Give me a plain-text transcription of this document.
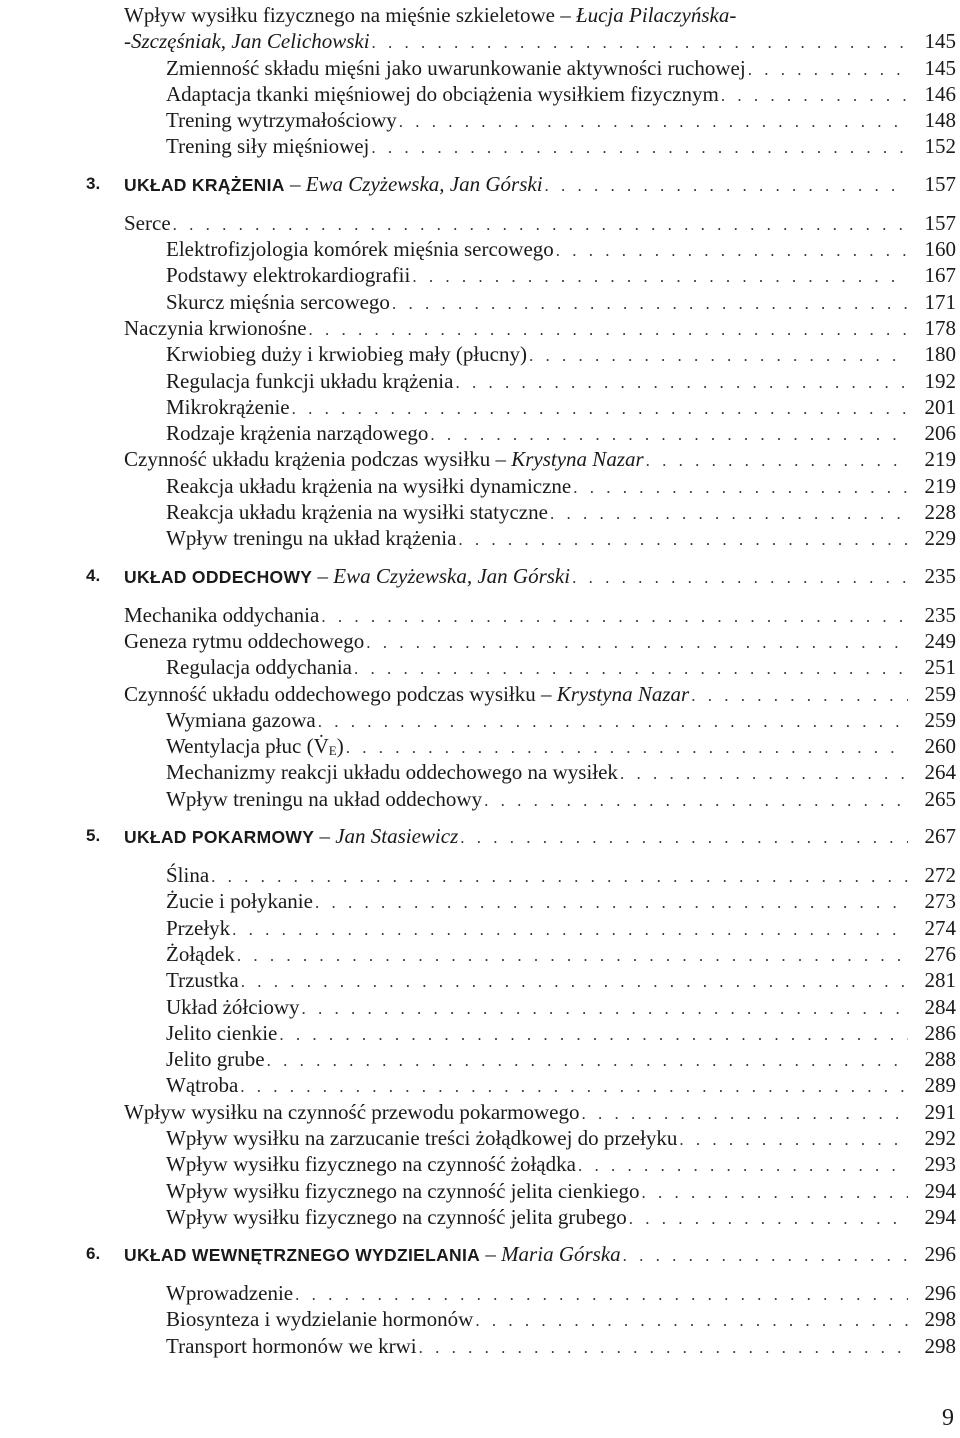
Wpływ wysiłku fizycznego na mięśnie szkieletowe – Łucja Pilaczyńska-
-Szczęśniak, Jan Celichowski . . .	145
Zmienność składu mięśni jako uwarunkowanie aktywności ruchowej . . .	145
Adaptacja tkanki mięśniowej do obciążenia wysiłkiem fizycznym . . .	146
Trening wytrzymałościowy . . .	148
Trening siły mięśniowej . . .	152
3. UKŁAD KRĄŻENIA – Ewa Czyżewska, Jan Górski . . .	157
Serce . . .	157
Elektrofizjologia komórek mięśnia sercowego . . .	160
Podstawy elektrokardiografii . . .	167
Skurcz mięśnia sercowego . . .	171
Naczynia krwionośne . . .	178
Krwiobieg duży i krwiobieg mały (płucny) . . .	180
Regulacja funkcji układu krążenia . . .	192
Mikrokrążenie . . .	201
Rodzaje krążenia narządowego . . .	206
Czynność układu krążenia podczas wysiłku – Krystyna Nazar . . .	219
Reakcja układu krążenia na wysiłki dynamiczne . . .	219
Reakcja układu krążenia na wysiłki statyczne . . .	228
Wpływ treningu na układ krążenia . . .	229
4. UKŁAD ODDECHOWY – Ewa Czyżewska, Jan Górski . . .	235
Mechanika oddychania . . .	235
Geneza rytmu oddechowego . . .	249
Regulacja oddychania . . .	251
Czynność układu oddechowego podczas wysiłku – Krystyna Nazar . . .	259
Wymiana gazowa . . .	259
Wentylacja płuc (V̇E) . . .	260
Mechanizmy reakcji układu oddechowego na wysiłek . . .	264
Wpływ treningu na układ oddechowy . . .	265
5. UKŁAD POKARMOWY – Jan Stasiewicz . . .	267
Ślina . . .	272
Żucie i połykanie . . .	273
Przełyk . . .	274
Żołądek . . .	276
Trzustka . . .	281
Układ żółciowy . . .	284
Jelito cienkie . . .	286
Jelito grube . . .	288
Wątroba . . .	289
Wpływ wysiłku na czynność przewodu pokarmowego . . .	291
Wpływ wysiłku na zarzucanie treści żołądkowej do przełyku . . .	292
Wpływ wysiłku fizycznego na czynność żołądka . . .	293
Wpływ wysiłku fizycznego na czynność jelita cienkiego . . .	294
Wpływ wysiłku fizycznego na czynność jelita grubego . . .	294
6. UKŁAD WEWNĘTRZNEGO WYDZIELANIA – Maria Górska . . .	296
Wprowadzenie . . .	296
Biosynteza i wydzielanie hormonów . . .	298
Transport hormonów we krwi . . .	298
9
